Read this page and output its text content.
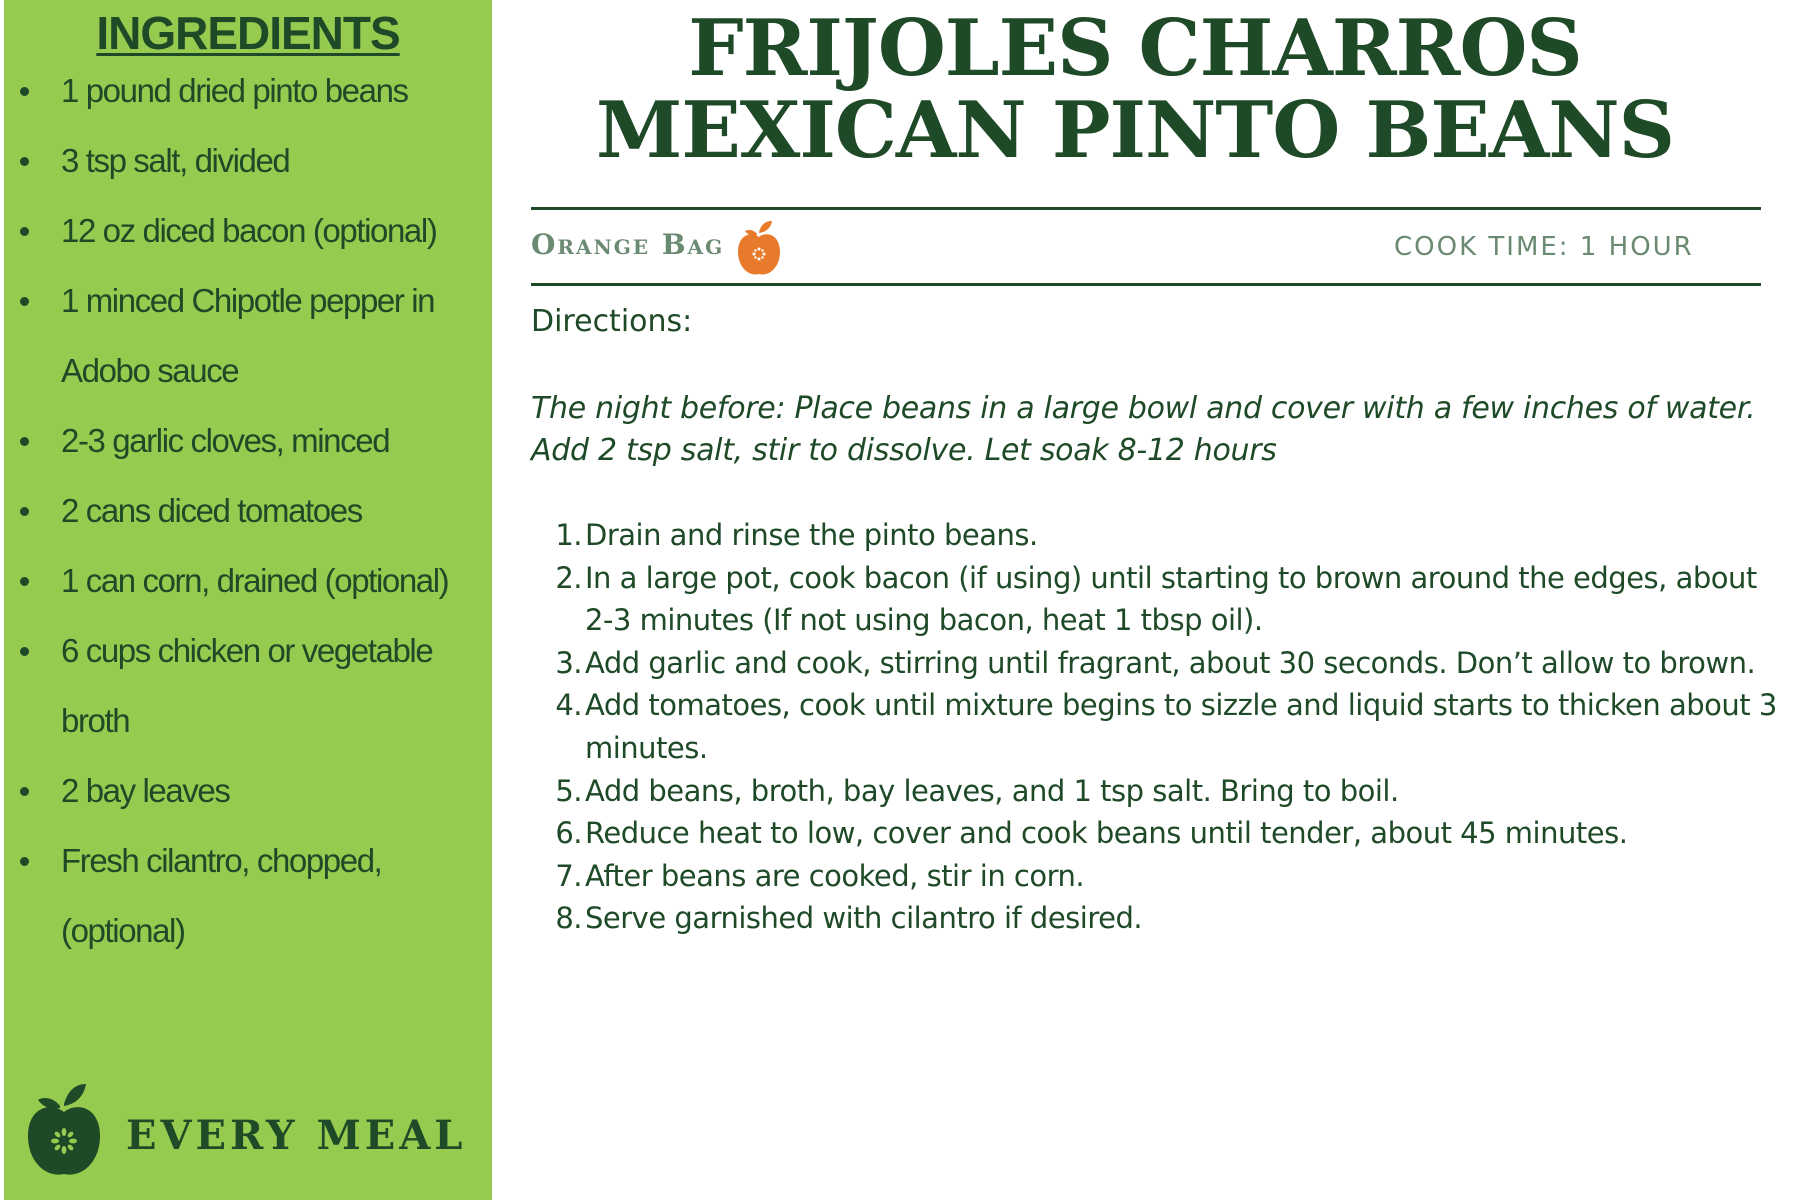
INGREDIENTS
1 pound dried pinto beans
3 tsp salt, divided
12 oz diced bacon (optional)
1 minced Chipotle pepper in Adobo sauce
2-3 garlic cloves, minced
2 cans diced tomatoes
1 can corn, drained (optional)
6 cups chicken or vegetable broth
2 bay leaves
Fresh cilantro, chopped, (optional)
EVERY MEAL
FRIJOLES CHARROS
MEXICAN PINTO BEANS
Orange Bag	COOK TIME: 1 HOUR
Directions:
The night before: Place beans in a large bowl and cover with a few inches of water. Add 2 tsp salt, stir to dissolve. Let soak 8-12 hours
1. Drain and rinse the pinto beans.
2. In a large pot, cook bacon (if using) until starting to brown around the edges, about 2-3 minutes (If not using bacon, heat 1 tbsp oil).
3. Add garlic and cook, stirring until fragrant, about 30 seconds. Don’t allow to brown.
4. Add tomatoes, cook until mixture begins to sizzle and liquid starts to thicken about 3 minutes.
5. Add beans, broth, bay leaves, and 1 tsp salt. Bring to boil.
6. Reduce heat to low, cover and cook beans until tender, about 45 minutes.
7. After beans are cooked, stir in corn.
8. Serve garnished with cilantro if desired.
